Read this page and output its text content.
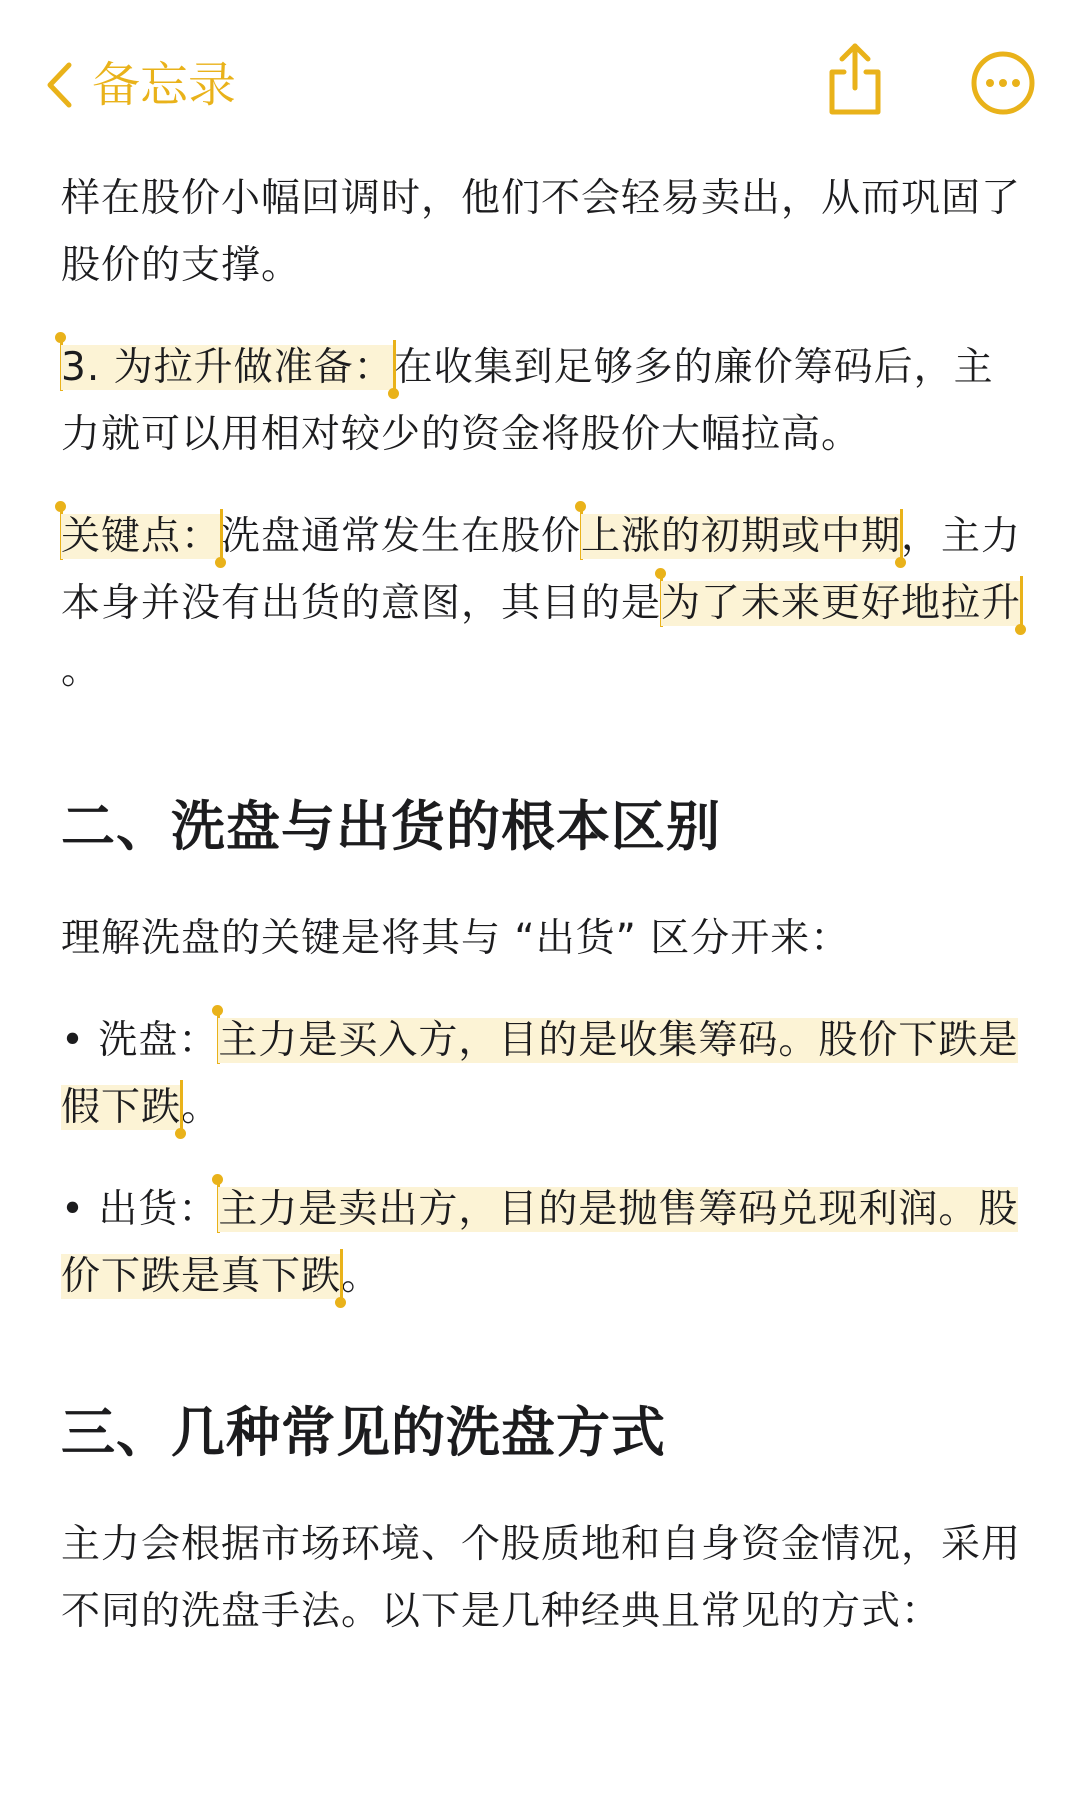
备忘录

样在股价小幅回调时，他们不会轻易卖出，从而巩固了股价的支撑。

3. 为拉升做准备：在收集到足够多的廉价筹码后，主力就可以用相对较少的资金将股价大幅拉高。

关键点：洗盘通常发生在股价上涨的初期或中期，主力本身并没有出货的意图，其目的是为了未来更好地拉升。

二、洗盘与出货的根本区别

理解洗盘的关键是将其与 “出货” 区分开来：

• 洗盘：主力是买入方，目的是收集筹码。股价下跌是假下跌。

• 出货：主力是卖出方，目的是抛售筹码兑现利润。股价下跌是真下跌。

三、几种常见的洗盘方式

主力会根据市场环境、个股质地和自身资金情况，采用不同的洗盘手法。以下是几种经典且常见的方式：
